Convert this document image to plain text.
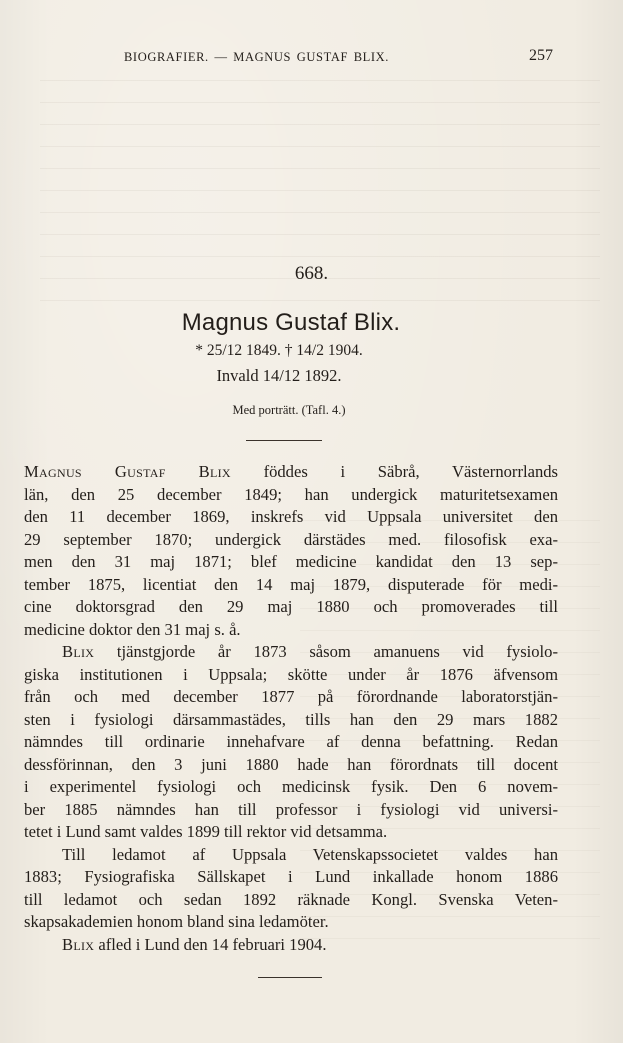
BIOGRAFIER. — MAGNUS GUSTAF BLIX.	257
668.
Magnus Gustaf Blix.
* 25/12 1849. † 14/2 1904.
Invald 14/12 1892.
Med porträtt. (Tafl. 4.)
Magnus Gustaf Blix föddes i Säbrå, Västernorrlands
län, den 25 december 1849; han undergick maturitetsexamen
den 11 december 1869, inskrefs vid Uppsala universitet den
29 september 1870; undergick därstädes med. filosofisk exa-
men den 31 maj 1871; blef medicine kandidat den 13 sep-
tember 1875, licentiat den 14 maj 1879, disputerade för medi-
cine doktorsgrad den 29 maj 1880 och promoverades till
medicine doktor den 31 maj s. å.
Blix tjänstgjorde år 1873 såsom amanuens vid fysiolo-
giska institutionen i Uppsala; skötte under år 1876 äfvensom
från och med december 1877 på förordnande laboratorstjän-
sten i fysiologi därsammastädes, tills han den 29 mars 1882
nämndes till ordinarie innehafvare af denna befattning. Redan
dessförinnan, den 3 juni 1880 hade han förordnats till docent
i experimentel fysiologi och medicinsk fysik. Den 6 novem-
ber 1885 nämndes han till professor i fysiologi vid universi-
tetet i Lund samt valdes 1899 till rektor vid detsamma.
Till ledamot af Uppsala Vetenskapssocietet valdes han
1883; Fysiografiska Sällskapet i Lund inkallade honom 1886
till ledamot och sedan 1892 räknade Kongl. Svenska Veten-
skapsakademien honom bland sina ledamöter.
Blix afled i Lund den 14 februari 1904.
